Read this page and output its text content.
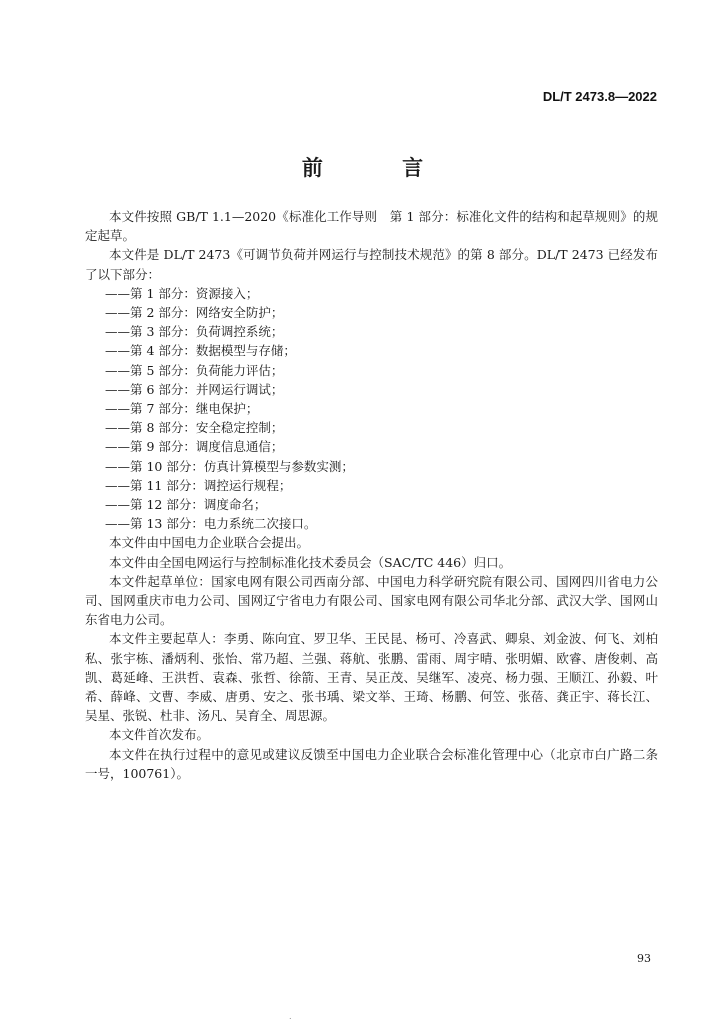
DL/T 2473.8—2022
前 言

本文件按照 GB/T 1.1—2020《标准化工作导则　第 1 部分：标准化文件的结构和起草规则》的规定起草。

本文件是 DL/T 2473《可调节负荷并网运行与控制技术规范》的第 8 部分。DL/T 2473 已经发布了以下部分：

——第 1 部分：资源接入；

——第 2 部分：网络安全防护；

——第 3 部分：负荷调控系统；

——第 4 部分：数据模型与存储；

——第 5 部分：负荷能力评估；

——第 6 部分：并网运行调试；

——第 7 部分：继电保护；

——第 8 部分：安全稳定控制；

——第 9 部分：调度信息通信；

——第 10 部分：仿真计算模型与参数实测；

——第 11 部分：调控运行规程；

——第 12 部分：调度命名；

——第 13 部分：电力系统二次接口。

本文件由中国电力企业联合会提出。

本文件由全国电网运行与控制标准化技术委员会（SAC/TC 446）归口。

本文件起草单位：国家电网有限公司西南分部、中国电力科学研究院有限公司、国网四川省电力公司、国网重庆市电力公司、国网辽宁省电力有限公司、国家电网有限公司华北分部、武汉大学、国网山东省电力公司。

本文件主要起草人：李勇、陈向宜、罗卫华、王民昆、杨可、冷喜武、卿泉、刘金波、何飞、刘柏私、张宇栋、潘炳利、张怡、常乃超、兰强、蒋航、张鹏、雷雨、周宇晴、张明媚、欧睿、唐俊刺、高凯、葛延峰、王洪哲、袁森、张哲、徐箭、王青、吴正茂、吴继军、凌亮、杨力强、王顺江、孙毅、叶希、薛峰、文曹、李威、唐勇、安之、张书瑀、梁文举、王琦、杨鹏、何笠、张蓓、龚正宇、蒋长江、吴星、张锐、杜非、汤凡、吴育全、周思源。

本文件首次发布。

本文件在执行过程中的意见或建议反馈至中国电力企业联合会标准化管理中心（北京市白广路二条一号，100761）。

93
.
